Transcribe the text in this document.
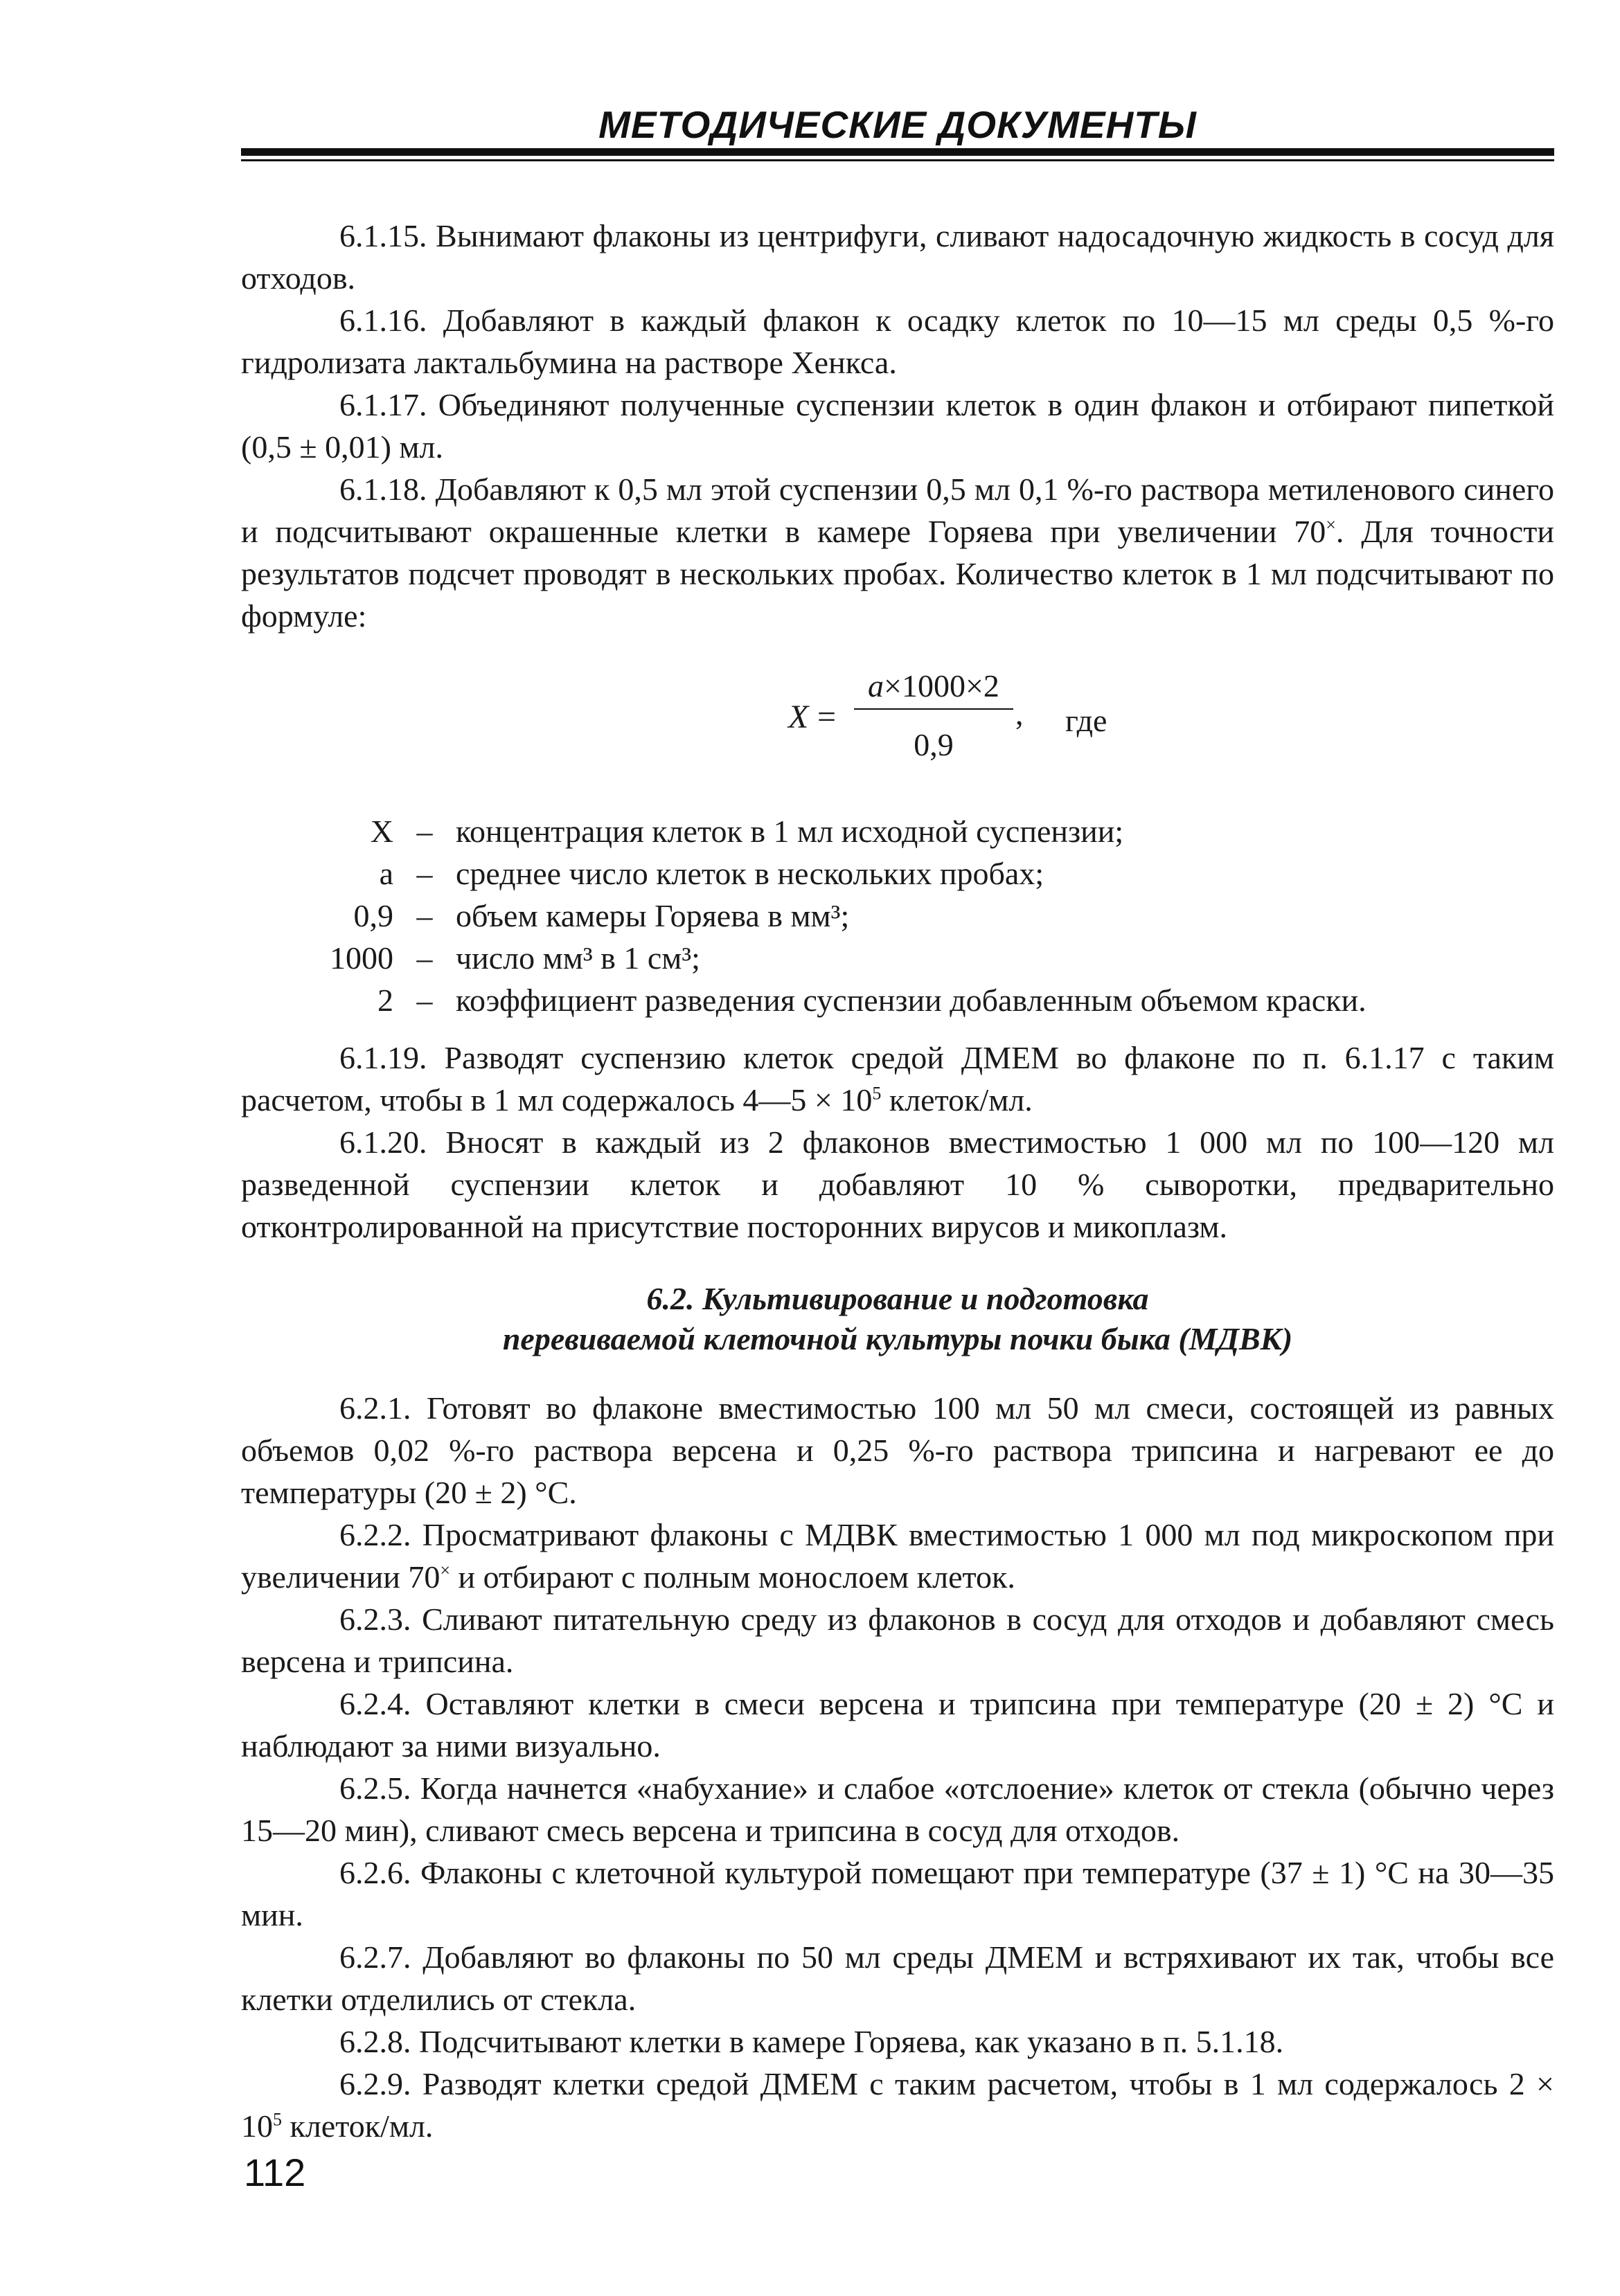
МЕТОДИЧЕСКИЕ ДОКУМЕНТЫ

6.1.15. Вынимают флаконы из центрифуги, сливают надосадочную жидкость в сосуд для отходов.

6.1.16. Добавляют в каждый флакон к осадку клеток по 10—15 мл среды 0,5 %-го гидролизата лактальбумина на растворе Хенкса.

6.1.17. Объединяют полученные суспензии клеток в один флакон и отбирают пипеткой (0,5 ± 0,01) мл.

6.1.18. Добавляют к 0,5 мл этой суспензии 0,5 мл 0,1 %-го раствора метиленового синего и подсчитывают окрашенные клетки в камере Горяева при увеличении 70×. Для точности результатов подсчет проводят в нескольких пробах. Количество клеток в 1 мл подсчитывают по формуле:

X =
a×1000×2
,
0,9
где
X – концентрация клеток в 1 мл исходной суспензии;
a – среднее число клеток в нескольких пробах;
0,9 – объем камеры Горяева в мм³;
1000 – число мм³ в 1 см³;
2 – коэффициент разведения суспензии добавленным объемом краски.

6.1.19. Разводят суспензию клеток средой ДМЕМ во флаконе по п. 6.1.17 с таким расчетом, чтобы в 1 мл содержалось 4—5 × $10^5$ клеток/мл.

6.1.20. Вносят в каждый из 2 флаконов вместимостью 1 000 мл по 100—120 мл разведенной суспензии клеток и добавляют 10 % сыворотки, предварительно отконтролированной на присутствие посторонних вирусов и микоплазм.

6.2. Культивирование и подготовка
перевиваемой клеточной культуры почки быка (МДВК)

6.2.1. Готовят во флаконе вместимостью 100 мл 50 мл смеси, состоящей из равных объемов 0,02 %-го раствора версена и 0,25 %-го раствора трипсина и нагревают ее до температуры (20 ± 2) °С.

6.2.2. Просматривают флаконы с МДВК вместимостью 1 000 мл под микроскопом при увеличении 70× и отбирают с полным монослоем клеток.

6.2.3. Сливают питательную среду из флаконов в сосуд для отходов и добавляют смесь версена и трипсина.

6.2.4. Оставляют клетки в смеси версена и трипсина при температуре (20 ± 2) °С и наблюдают за ними визуально.

6.2.5. Когда начнется «набухание» и слабое «отслоение» клеток от стекла (обычно через 15—20 мин), сливают смесь версена и трипсина в сосуд для отходов.

6.2.6. Флаконы с клеточной культурой помещают при температуре (37 ± 1) °С на 30—35 мин.

6.2.7. Добавляют во флаконы по 50 мл среды ДМЕМ и встряхивают их так, чтобы все клетки отделились от стекла.

6.2.8. Подсчитывают клетки в камере Горяева, как указано в п. 5.1.18.

6.2.9. Разводят клетки средой ДМЕМ с таким расчетом, чтобы в 1 мл содержалось $2 \times 10^5$ клеток/мл.

112
